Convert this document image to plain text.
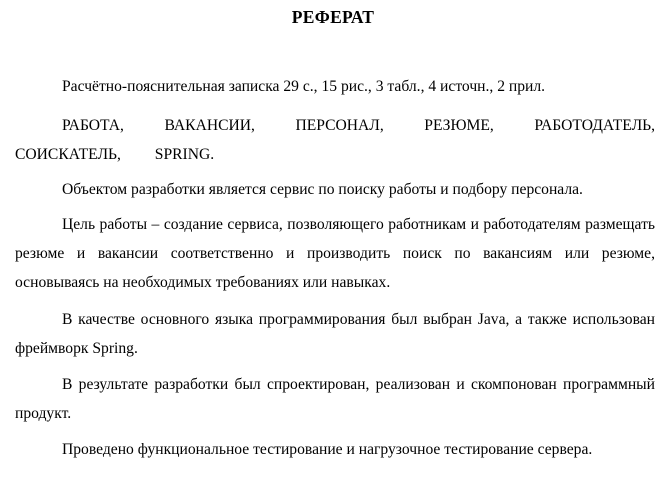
РЕФЕРАТ

Расчётно-пояснительная записка 29 с., 15 рис., 3 табл., 4 источн., 2 прил.

РАБОТА, ВАКАНСИИ, ПЕРСОНАЛ, РЕЗЮМЕ, РАБОТОДАТЕЛЬ, СОИСКАТЕЛЬ, SPRING.

Объектом разработки является сервис по поиску работы и подбору персонала.

Цель работы – создание сервиса, позволяющего работникам и работодателям размещать резюме и вакансии соответственно и производить поиск по вакансиям или резюме, основываясь на необходимых требованиях или навыках.

В качестве основного языка программирования был выбран Java, а также использован фреймворк Spring.

В результате разработки был спроектирован, реализован и скомпонован программный продукт.

Проведено функциональное тестирование и нагрузочное тестирование сервера.
